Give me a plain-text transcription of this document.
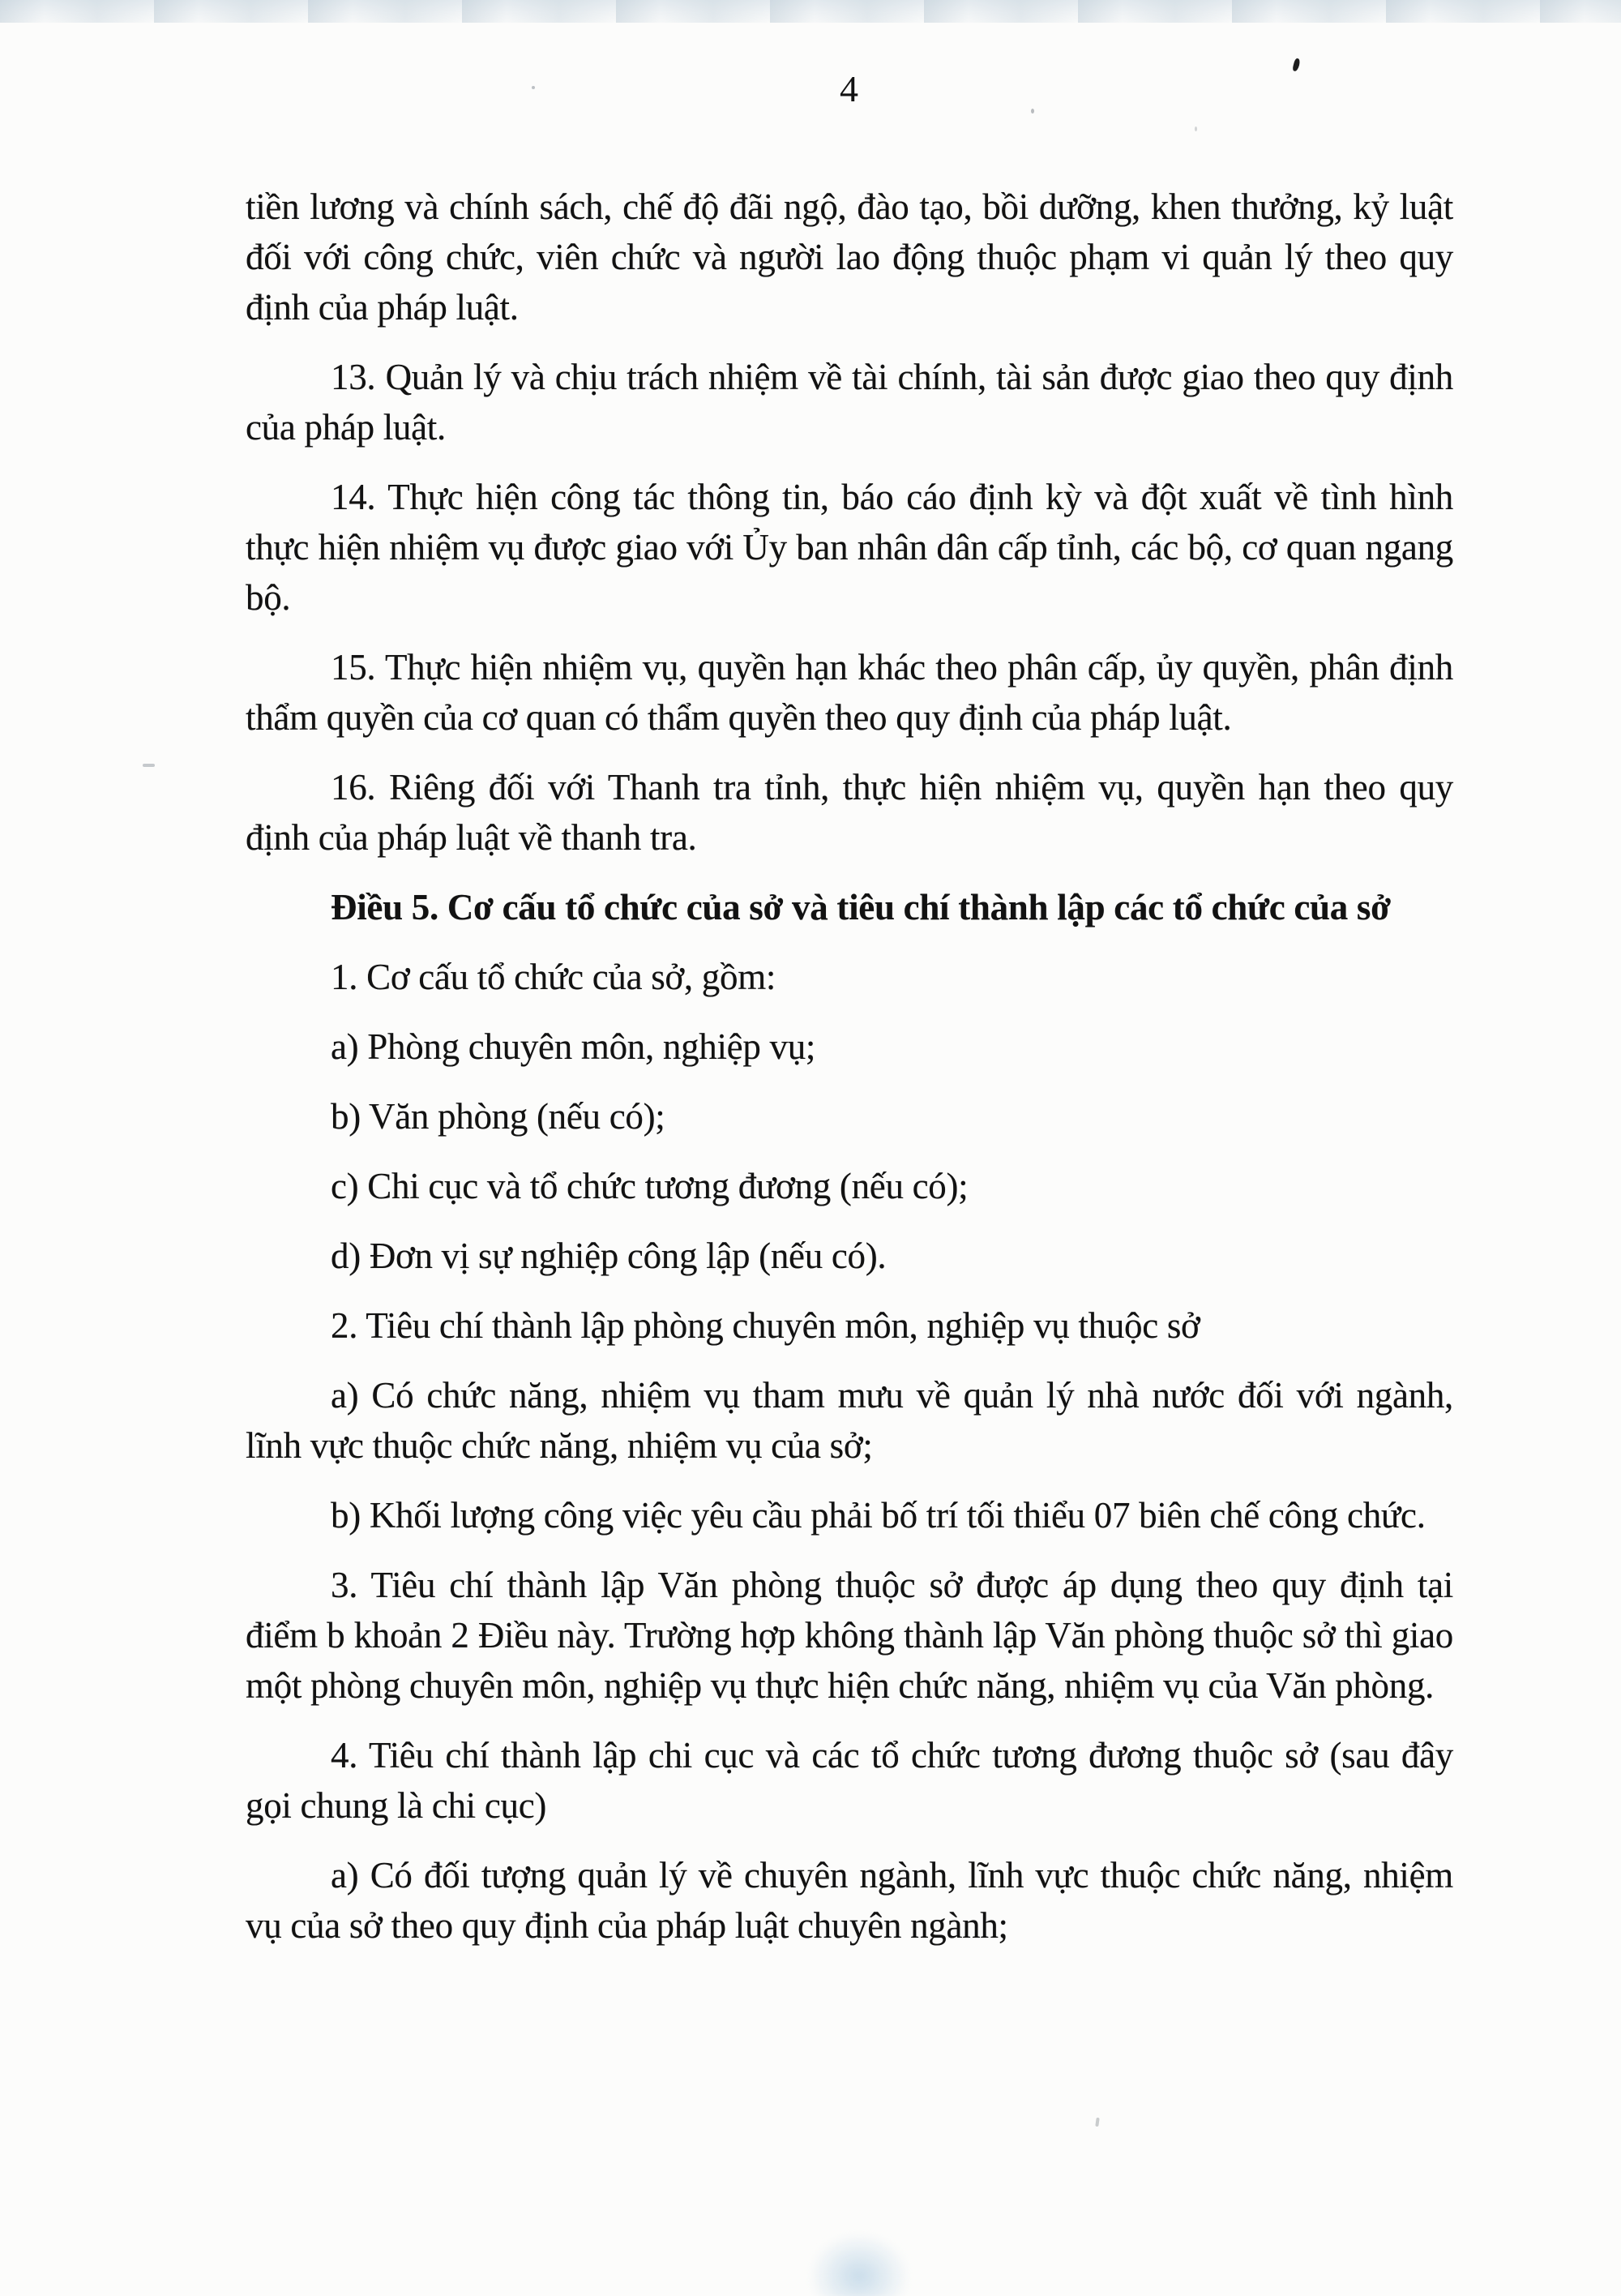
4

tiền lương và chính sách, chế độ đãi ngộ, đào tạo, bồi dưỡng, khen thưởng, kỷ luật đối với công chức, viên chức và người lao động thuộc phạm vi quản lý theo quy định của pháp luật.

13. Quản lý và chịu trách nhiệm về tài chính, tài sản được giao theo quy định của pháp luật.

14. Thực hiện công tác thông tin, báo cáo định kỳ và đột xuất về tình hình thực hiện nhiệm vụ được giao với Ủy ban nhân dân cấp tỉnh, các bộ, cơ quan ngang bộ.

15. Thực hiện nhiệm vụ, quyền hạn khác theo phân cấp, ủy quyền, phân định thẩm quyền của cơ quan có thẩm quyền theo quy định của pháp luật.

16. Riêng đối với Thanh tra tỉnh, thực hiện nhiệm vụ, quyền hạn theo quy định của pháp luật về thanh tra.

Điều 5. Cơ cấu tổ chức của sở và tiêu chí thành lập các tổ chức của sở

1. Cơ cấu tổ chức của sở, gồm:

a) Phòng chuyên môn, nghiệp vụ;

b) Văn phòng (nếu có);

c) Chi cục và tổ chức tương đương (nếu có);

d) Đơn vị sự nghiệp công lập (nếu có).

2. Tiêu chí thành lập phòng chuyên môn, nghiệp vụ thuộc sở

a) Có chức năng, nhiệm vụ tham mưu về quản lý nhà nước đối với ngành, lĩnh vực thuộc chức năng, nhiệm vụ của sở;

b) Khối lượng công việc yêu cầu phải bố trí tối thiểu 07 biên chế công chức.

3. Tiêu chí thành lập Văn phòng thuộc sở được áp dụng theo quy định tại điểm b khoản 2 Điều này. Trường hợp không thành lập Văn phòng thuộc sở thì giao một phòng chuyên môn, nghiệp vụ thực hiện chức năng, nhiệm vụ của Văn phòng.

4. Tiêu chí thành lập chi cục và các tổ chức tương đương thuộc sở (sau đây gọi chung là chi cục)

a) Có đối tượng quản lý về chuyên ngành, lĩnh vực thuộc chức năng, nhiệm vụ của sở theo quy định của pháp luật chuyên ngành;
